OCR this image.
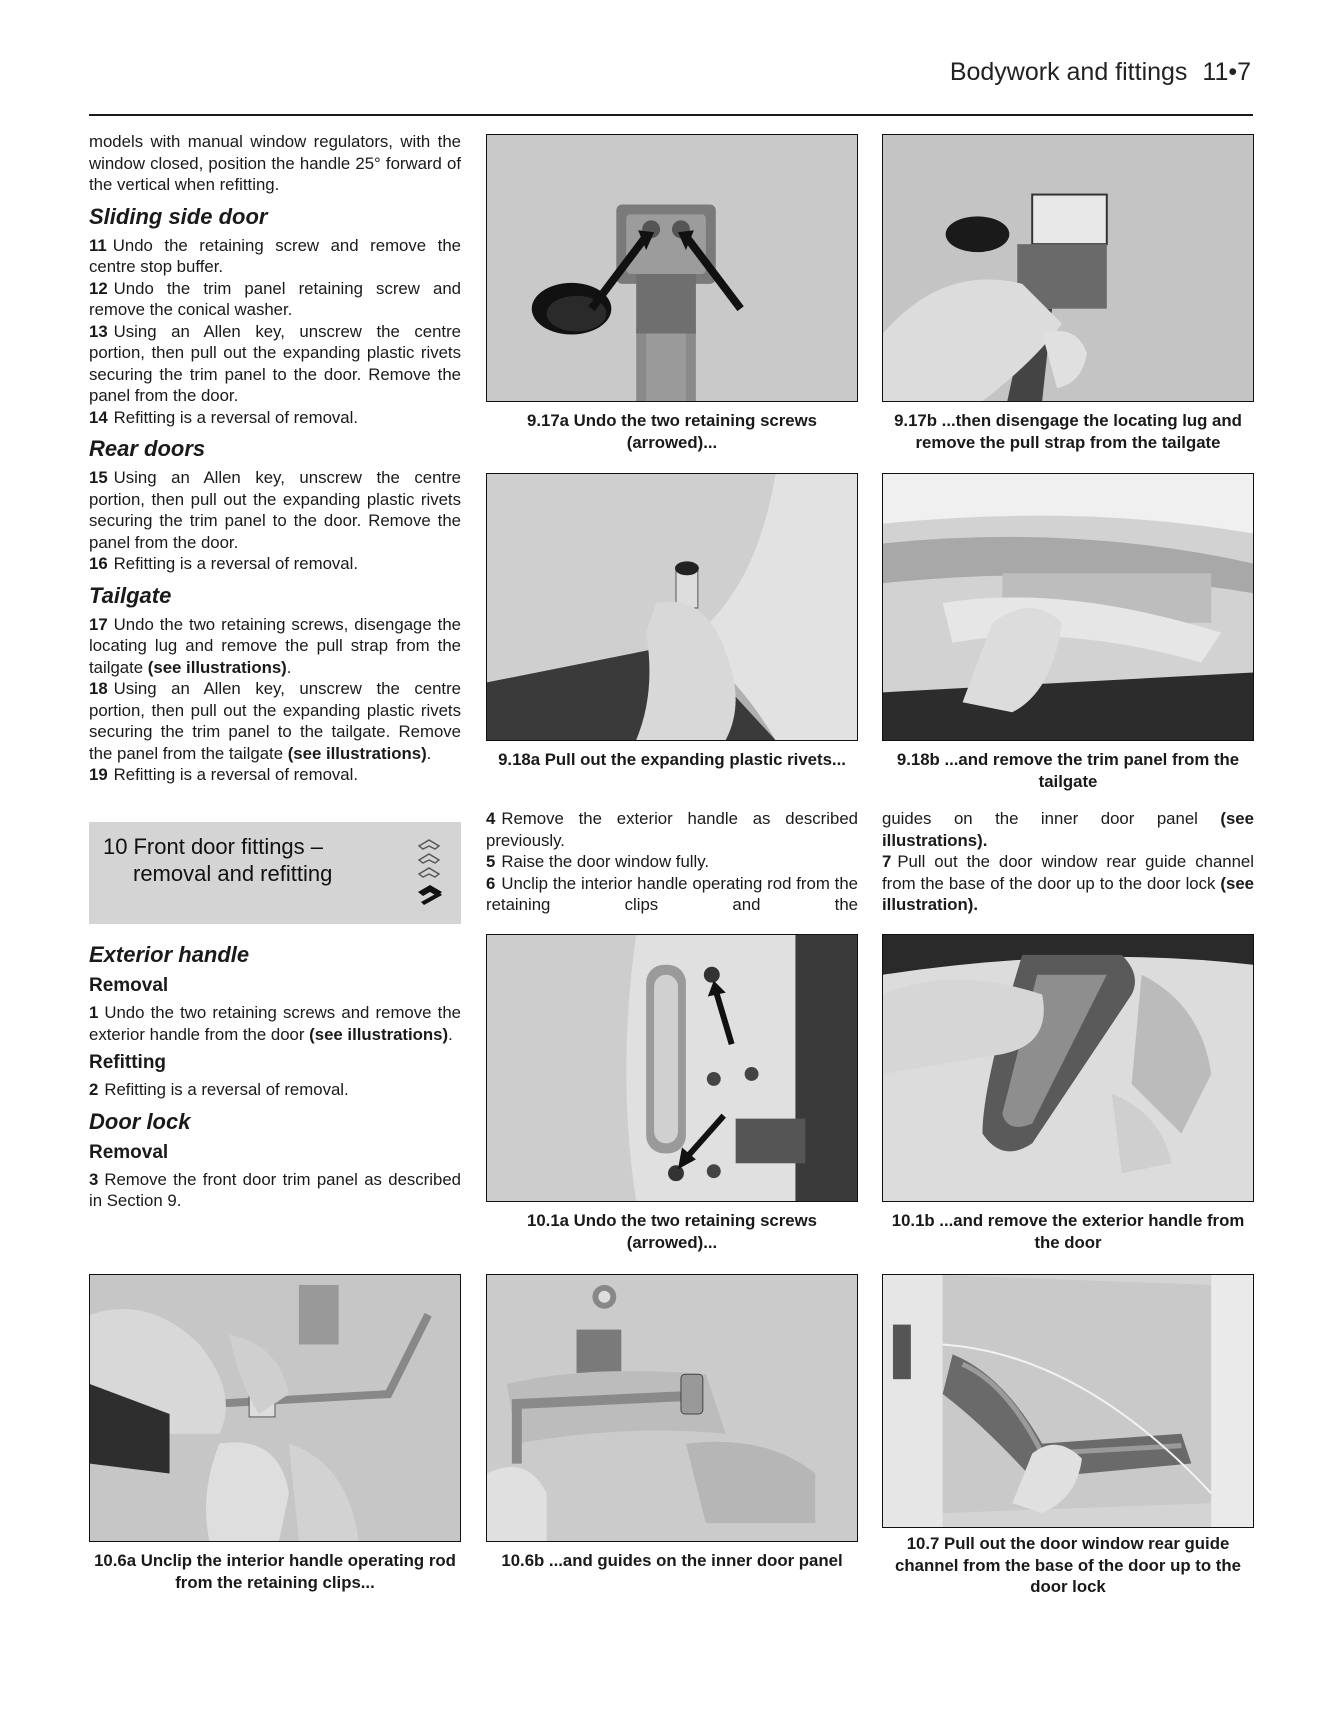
Bodywork and fittings 11•7

models with manual window regulators, with the window closed, position the handle 25° forward of the vertical when refitting.

Sliding side door

11 Undo the retaining screw and remove the centre stop buffer.

12 Undo the trim panel retaining screw and remove the conical washer.

13 Using an Allen key, unscrew the centre portion, then pull out the expanding plastic rivets securing the trim panel to the door. Remove the panel from the door.

14 Refitting is a reversal of removal.

Rear doors

15 Using an Allen key, unscrew the centre portion, then pull out the expanding plastic rivets securing the trim panel to the door. Remove the panel from the door.

16 Refitting is a reversal of removal.

Tailgate

17 Undo the two retaining screws, disengage the locating lug and remove the pull strap from the tailgate (see illustrations).

18 Using an Allen key, unscrew the centre portion, then pull out the expanding plastic rivets securing the trim panel to the tailgate. Remove the panel from the tailgate (see illustrations).

19 Refitting is a reversal of removal.

10 Front door fittings –
removal and refitting
Exterior handle
Removal

1 Undo the two retaining screws and remove the exterior handle from the door (see illustrations).

Refitting

2 Refitting is a reversal of removal.

Door lock
Removal

3 Remove the front door trim panel as described in Section 9.

4 Remove the exterior handle as described previously.

5 Raise the door window fully.

6 Unclip the interior handle operating rod from the retaining clips and the

guides on the inner door panel (see illustrations).

7 Pull out the door window rear guide channel from the base of the door up to the door lock (see illustration).

9.17a Undo the two retaining screws (arrowed)...
9.17b ...then disengage the locating lug and remove the pull strap from the tailgate
9.18a Pull out the expanding plastic rivets...	9.18b ...and remove the trim panel from the tailgate
10.1a Undo the two retaining screws (arrowed)...
10.1b ...and remove the exterior handle from the door
10.6a Unclip the interior handle operating rod from the retaining clips...
10.6b ...and guides on the inner door panel
10.7 Pull out the door window rear guide channel from the base of the door up to the door lock
